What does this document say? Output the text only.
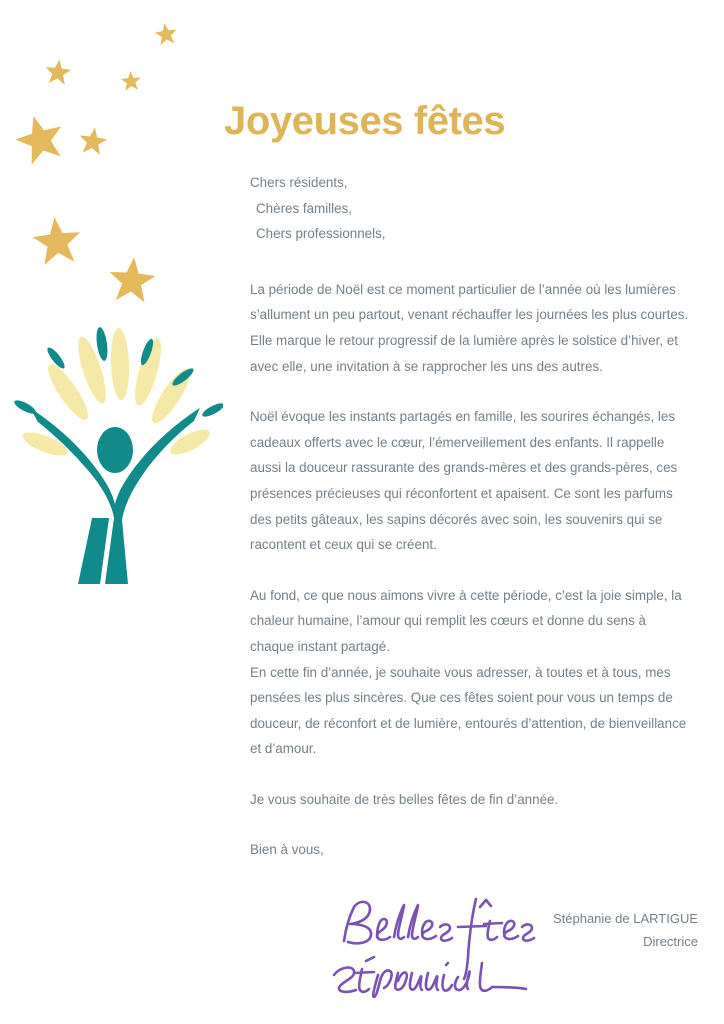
Joyeuses fêtes
Chers résidents,
Chères familles,
Chers professionnels,

La période de Noël est ce moment particulier de l’année où les lumières s’allument un peu partout, venant réchauffer les journées les plus courtes. Elle marque le retour progressif de la lumière après le solstice d’hiver, et avec elle, une invitation à se rapprocher les uns des autres.

Noël évoque les instants partagés en famille, les sourires échangés, les cadeaux offerts avec le cœur, l’émerveillement des enfants. Il rappelle aussi la douceur rassurante des grands-mères et des grands-pères, ces présences précieuses qui réconfortent et apaisent. Ce sont les parfums des petits gâteaux, les sapins décorés avec soin, les souvenirs qui se racontent et ceux qui se créent.

Au fond, ce que nous aimons vivre à cette période, c’est la joie simple, la chaleur humaine, l’amour qui remplit les cœurs et donne du sens à chaque instant partagé.

En cette fin d’année, je souhaite vous adresser, à toutes et à tous, mes pensées les plus sincères. Que ces fêtes soient pour vous un temps de douceur, de réconfort et de lumière, entourés d’attention, de bienveillance et d’amour.

Je vous souhaite de très belles fêtes de fin d’année.

Bien à vous,

Stéphanie de LARTIGUE
Directrice
